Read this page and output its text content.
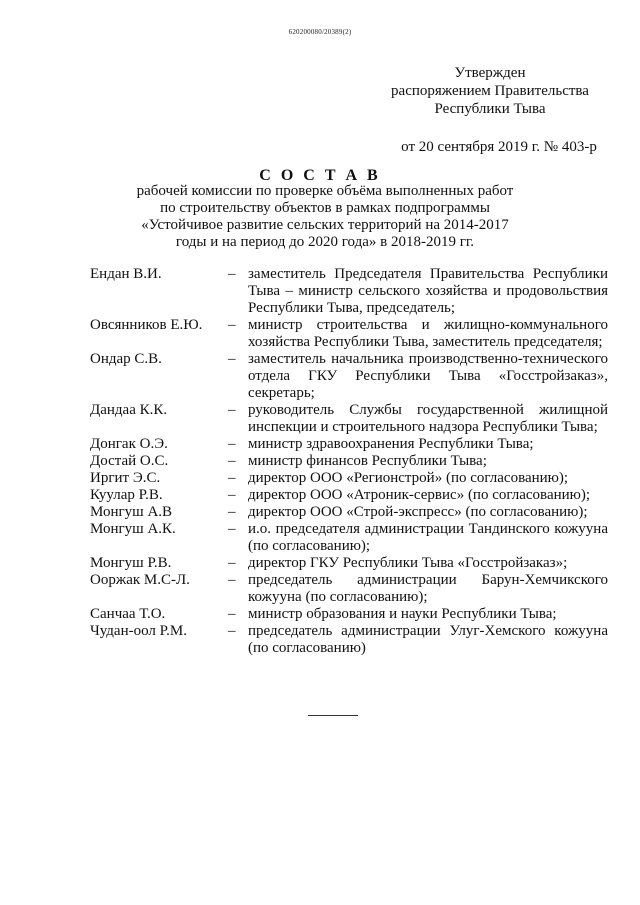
620200080/20389(2)
Утвержден
распоряжением Правительства
Республики Тыва
от 20 сентября 2019 г. № 403-р
С О С Т А В
рабочей комиссии по проверке объёма выполненных работ
по строительству объектов в рамках подпрограммы
«Устойчивое развитие сельских территорий на 2014-2017
годы и на период до 2020 года» в 2018-2019 гг.
Ендан В.И.	– заместитель Председателя Правительства Республики Тыва – министр сельского хозяйства и продовольствия Республики Тыва, председатель;
Овсянников Е.Ю.	– министр строительства и жилищно-коммунального хозяйства Республики Тыва, заместитель председателя;
Ондар С.В.	– заместитель начальника производственно-технического отдела ГКУ Республики Тыва «Госстройзаказ», секретарь;
Дандаа К.К.	– руководитель Службы государственной жилищной инспекции и строительного надзора Республики Тыва;
Донгак О.Э.	– министр здравоохранения Республики Тыва;
Достай О.С.	– министр финансов Республики Тыва;
Иргит Э.С.	– директор ООО «Регионстрой» (по согласованию);
Куулар Р.В.	– директор ООО «Атроник-сервис» (по согласованию);
Монгуш А.В	– директор ООО «Строй-экспресс» (по согласованию);
Монгуш А.К.	– и.о. председателя администрации Тандинского кожууна (по согласованию);
Монгуш Р.В.	– директор ГКУ Республики Тыва «Госстройзаказ»;
Ооржак М.С-Л.	– председатель администрации Барун-Хемчикского кожууна (по согласованию);
Санчаа Т.О.	– министр образования и науки Республики Тыва;
Чудан-оол Р.М.	– председатель администрации Улуг-Хемского кожууна (по согласованию)
